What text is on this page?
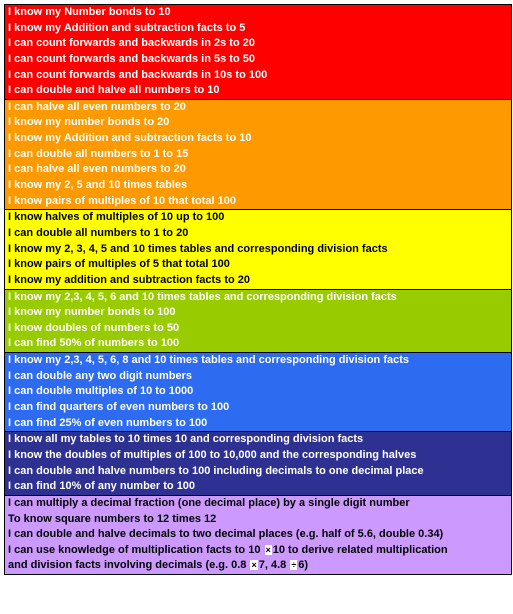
I know my Number bonds to 10
I know my Addition and subtraction facts to 5
I can count forwards and backwards in 2s to 20
I can count forwards and backwards in 5s to 50
I can count forwards and backwards in 10s to 100
I can double and halve all numbers to 10
I can halve all even numbers to 20
I know my number bonds to 20
I know my Addition and subtraction facts to 10
I can double all numbers to 1 to 15
I can halve all even numbers to 20
I know my 2, 5 and 10 times tables
I know pairs of multiples of 10 that total 100
I know halves of multiples of 10 up to 100
I can double all numbers to 1 to 20
I know my 2, 3, 4, 5 and 10 times tables and corresponding division facts
I know pairs of multiples of 5 that total 100
I know my addition and subtraction facts to 20
I know my 2,3, 4, 5, 6 and 10 times tables and corresponding division facts
I know my number bonds to 100
I know doubles of numbers to 50
I can find 50% of numbers to 100
I know my 2,3, 4, 5, 6, 8 and 10 times tables and corresponding division facts
I can double any two digit numbers
I can double multiples of 10 to 1000
I can find quarters of even numbers to 100
I can find 25% of even numbers to 100
I know all my tables to 10 times 10 and corresponding division facts
I know the doubles of multiples of 100 to 10,000 and the corresponding halves
I can double and halve numbers to 100 including decimals to one decimal place
I can find 10% of any number to 100
I can multiply a decimal fraction (one decimal place) by a single digit number
To know square numbers to 12 times 12
I can double and halve decimals to two decimal places (e.g. half of 5.6, double 0.34)
I can use knowledge of multiplication facts to 10 × 10 to derive related multiplication
and division facts involving decimals (e.g. 0.8 × 7, 4.8 ÷ 6)
